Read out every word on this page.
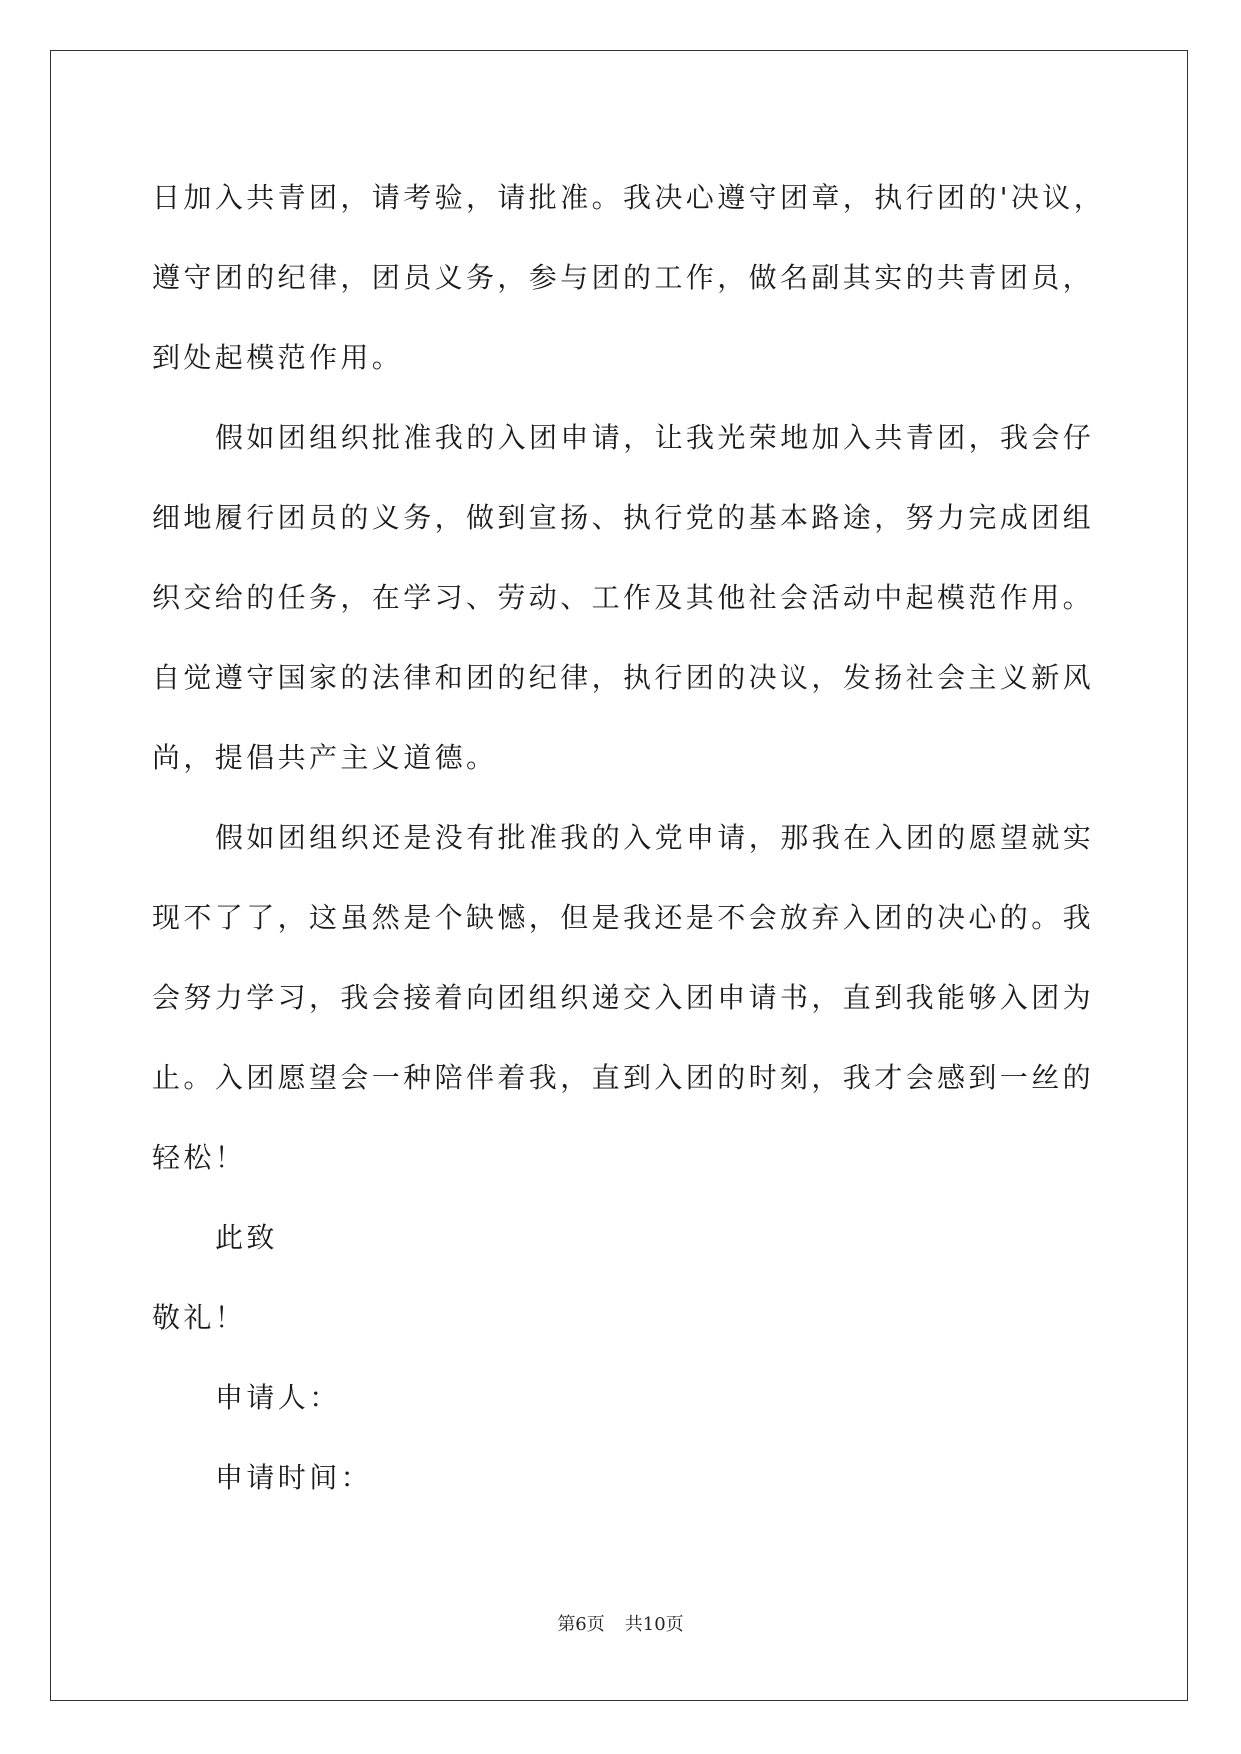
日加入共青团，请考验，请批准。我决心遵守团章，执行团的'决议，
遵守团的纪律，团员义务，参与团的工作，做名副其实的共青团员，
到处起模范作用。
假如团组织批准我的入团申请，让我光荣地加入共青团，我会仔
细地履行团员的义务，做到宣扬、执行党的基本路途，努力完成团组
织交给的任务，在学习、劳动、工作及其他社会活动中起模范作用。
自觉遵守国家的法律和团的纪律，执行团的决议，发扬社会主义新风
尚，提倡共产主义道德。
假如团组织还是没有批准我的入党申请，那我在入团的愿望就实
现不了了，这虽然是个缺憾，但是我还是不会放弃入团的决心的。我
会努力学习，我会接着向团组织递交入团申请书，直到我能够入团为
止。入团愿望会一种陪伴着我，直到入团的时刻，我才会感到一丝的
轻松！
此致
敬礼！
申请人：
申请时间：
第6页 共10页
